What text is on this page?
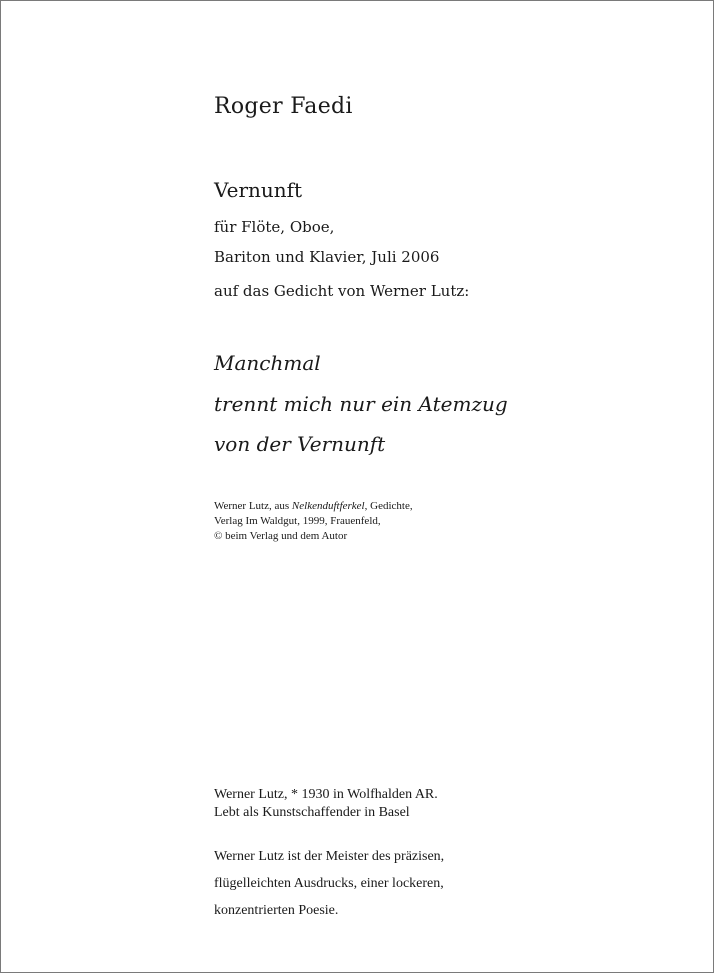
Roger Faedi
Vernunft
für Flöte, Oboe,
Bariton und Klavier, Juli 2006
auf das Gedicht von Werner Lutz:
Manchmal
trennt mich nur ein Atemzug
von der Vernunft
Werner Lutz, aus Nelkenduftferkel, Gedichte,
Verlag Im Waldgut, 1999, Frauenfeld,
© beim Verlag und dem Autor
Werner Lutz, * 1930 in Wolfhalden AR.
Lebt als Kunstschaffender in Basel
Werner Lutz ist der Meister des präzisen,
flügelleichten Ausdrucks, einer lockeren,
konzentrierten Poesie.
